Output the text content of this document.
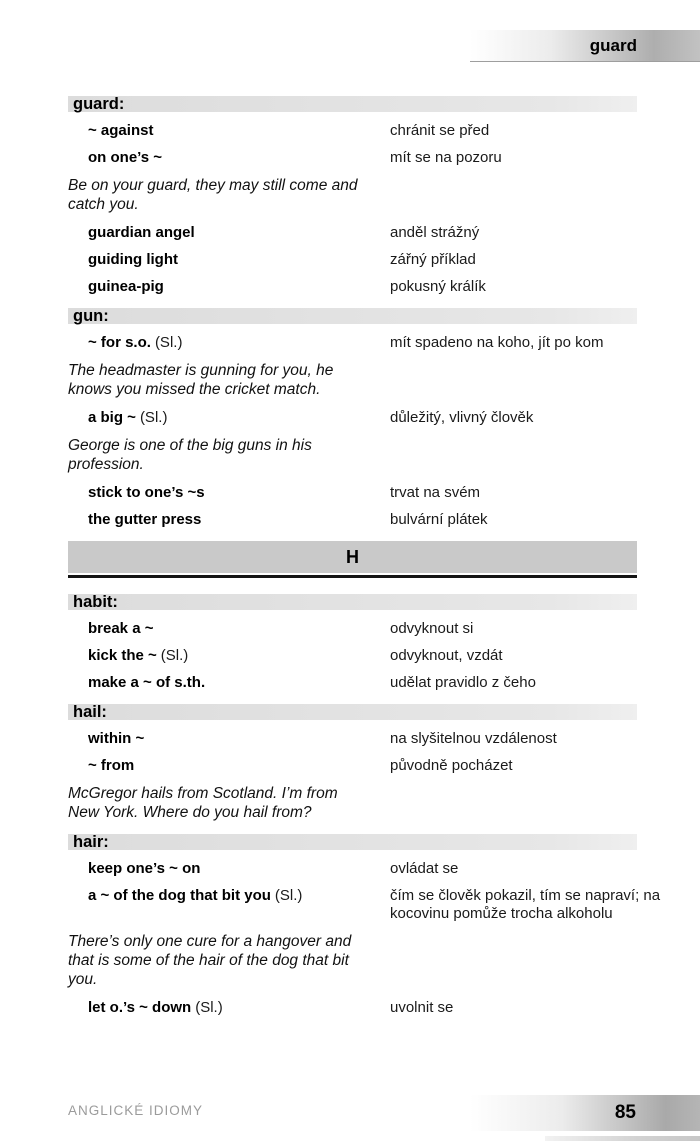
guard
guard:
~ against	chránit se před
on one’s ~	mít se na pozoru
Be on your guard, they may still come and catch you.
guardian angel	anděl strážný
guiding light	zářný příklad
guinea-pig	pokusný králík
gun:
~ for s.o. (Sl.)	mít spadeno na koho, jít po kom
The headmaster is gunning for you, he knows you missed the cricket match.
a big ~ (Sl.)	důležitý, vlivný člověk
George is one of the big guns in his profession.
stick to one’s ~s	trvat na svém
the gutter press	bulvární plátek
H
habit:
break a ~	odvyknout si
kick the ~ (Sl.)	odvyknout, vzdát
make a ~ of s.th.	udělat pravidlo z čeho
hail:
within ~	na slyšitelnou vzdálenost
~ from	původně pocházet
McGregor hails from Scotland. I’m from New York. Where do you hail from?
hair:
keep one’s ~ on	ovládat se
a ~ of the dog that bit you (Sl.)	čím se člověk pokazil, tím se napraví; na kocovinu pomůže trocha alkoholu
There’s only one cure for a hangover and that is some of the hair of the dog that bit you.
let o.’s ~ down (Sl.)	uvolnit se
ANGLICKÉ IDIOMY	85
